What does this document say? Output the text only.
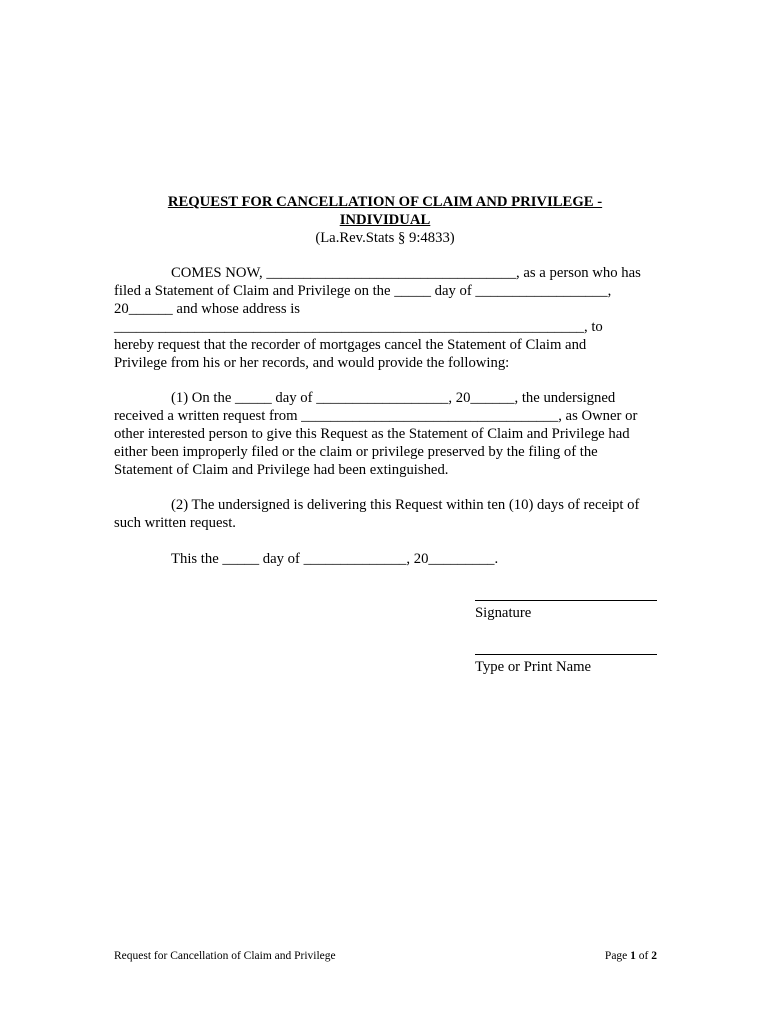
REQUEST FOR CANCELLATION OF CLAIM AND PRIVILEGE -
INDIVIDUAL
(La.Rev.Stats § 9:4833)
COMES NOW, __________________________________, as a person who has
filed a Statement of Claim and Privilege on the _____ day of __________________,
20______ and whose address is
________________________________________________________________, to
hereby request that the recorder of mortgages cancel the Statement of Claim and
Privilege from his or her records, and would provide the following:
(1) On the _____ day of __________________, 20______, the undersigned
received a written request from ___________________________________, as Owner or
other interested person to give this Request as the Statement of Claim and Privilege had
either been improperly filed or the claim or privilege preserved by the filing of the
Statement of Claim and Privilege had been extinguished.
(2) The undersigned is delivering this Request within ten (10) days of receipt of
such written request.
This the _____ day of ______________, 20_________.
Signature
Type or Print Name
Request for Cancellation of Claim and Privilege	Page 1 of 2
